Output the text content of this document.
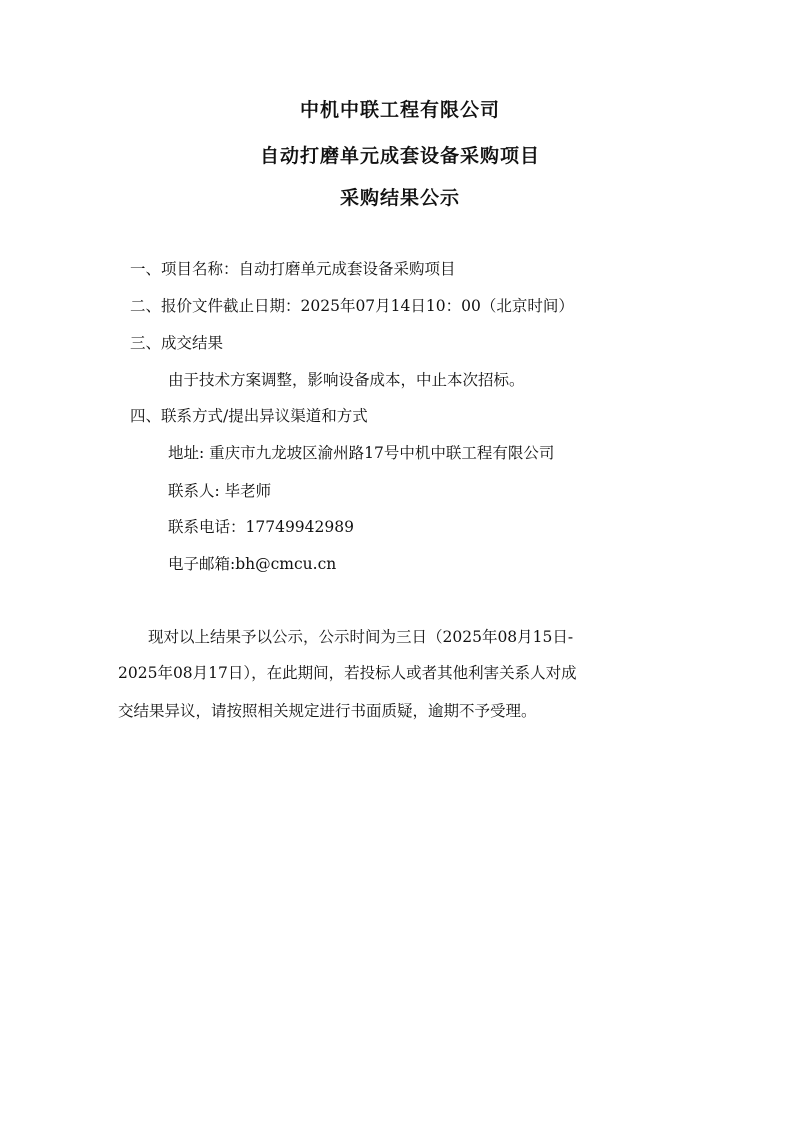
中机中联工程有限公司
自动打磨单元成套设备采购项目
采购结果公示
一、项目名称：自动打磨单元成套设备采购项目
二、报价文件截止日期：2025年07月14日10：00（北京时间）
三、成交结果
由于技术方案调整，影响设备成本，中止本次招标。
四、联系方式/提出异议渠道和方式
地址: 重庆市九龙坡区渝州路17号中机中联工程有限公司
联系人: 毕老师
联系电话：17749942989
电子邮箱:bh@cmcu.cn
现对以上结果予以公示，公示时间为三日（2025年08月15日-
2025年08月17日），在此期间，若投标人或者其他利害关系人对成
交结果异议，请按照相关规定进行书面质疑，逾期不予受理。
